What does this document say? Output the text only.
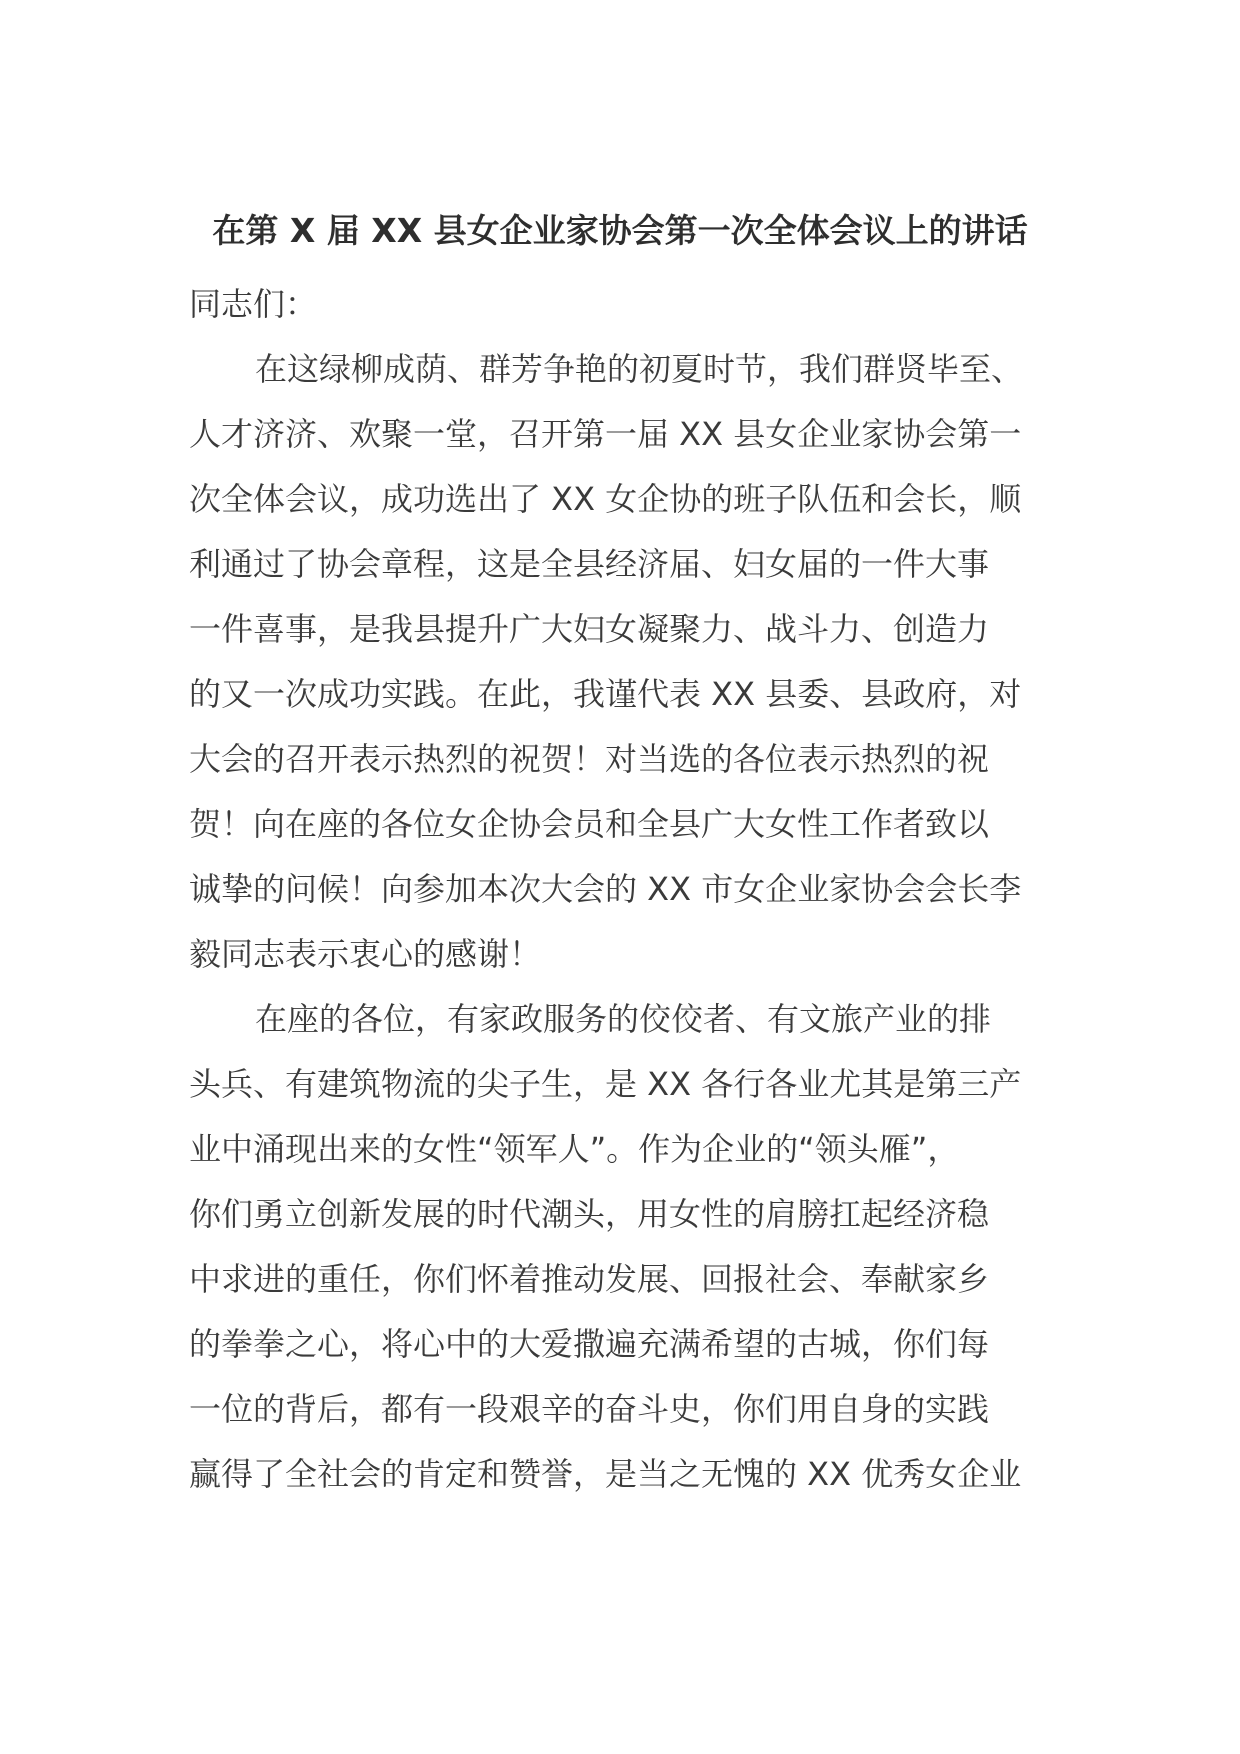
在第 X 届 XX 县女企业家协会第一次全体会议上的讲话
同志们：
在这绿柳成荫、群芳争艳的初夏时节，我们群贤毕至、
人才济济、欢聚一堂，召开第一届 XX 县女企业家协会第一
次全体会议，成功选出了 XX 女企协的班子队伍和会长，顺
利通过了协会章程，这是全县经济届、妇女届的一件大事
一件喜事，是我县提升广大妇女凝聚力、战斗力、创造力
的又一次成功实践。在此，我谨代表 XX 县委、县政府，对
大会的召开表示热烈的祝贺！对当选的各位表示热烈的祝
贺！向在座的各位女企协会员和全县广大女性工作者致以
诚挚的问候！向参加本次大会的 XX 市女企业家协会会长李
毅同志表示衷心的感谢！
在座的各位，有家政服务的佼佼者、有文旅产业的排
头兵、有建筑物流的尖子生，是 XX 各行各业尤其是第三产
业中涌现出来的女性“领军人”。作为企业的“领头雁”，
你们勇立创新发展的时代潮头，用女性的肩膀扛起经济稳
中求进的重任，你们怀着推动发展、回报社会、奉献家乡
的拳拳之心，将心中的大爱撒遍充满希望的古城，你们每
一位的背后，都有一段艰辛的奋斗史，你们用自身的实践
赢得了全社会的肯定和赞誉，是当之无愧的 XX 优秀女企业
